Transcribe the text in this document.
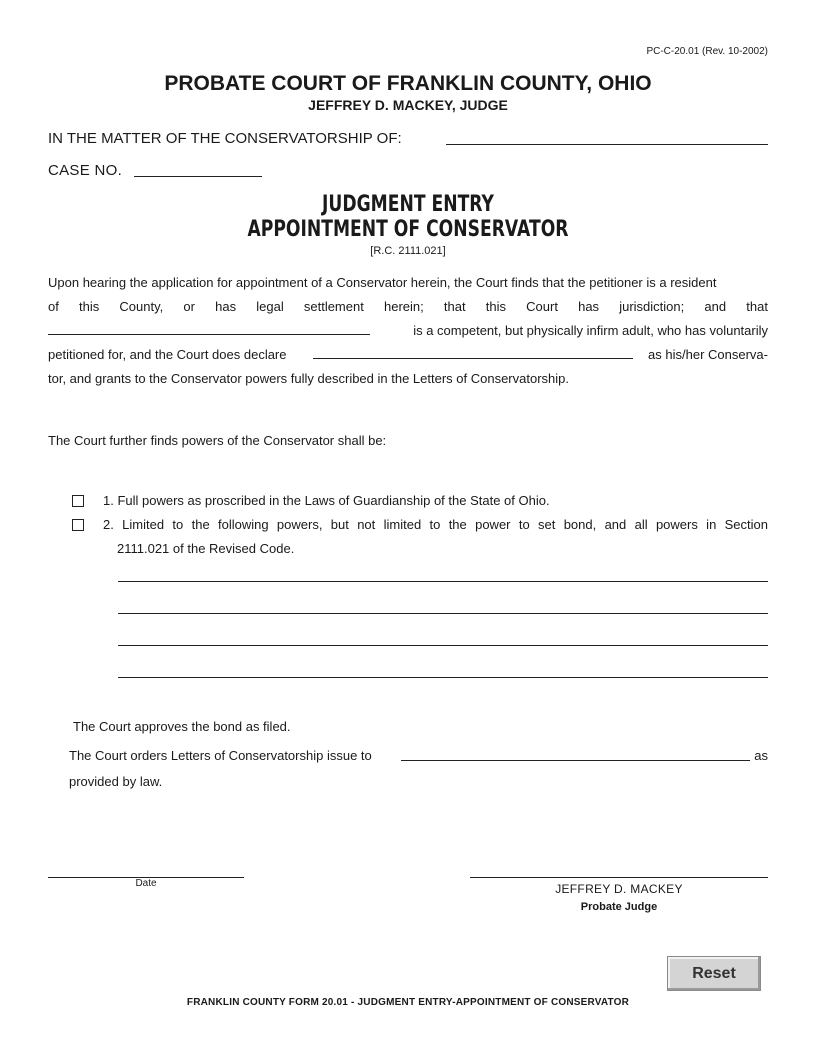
PC-C-20.01 (Rev. 10-2002)
PROBATE COURT OF FRANKLIN COUNTY, OHIO
JEFFREY D. MACKEY, JUDGE
IN THE MATTER OF THE CONSERVATORSHIP OF:
CASE NO.
JUDGMENT ENTRY
APPOINTMENT OF CONSERVATOR
[R.C. 2111.021]
Upon hearing the application for appointment of a Conservator herein, the Court finds that the petitioner is a resident
of this County, or has legal settlement herein; that this Court has jurisdiction; and that
is a competent, but physically infirm adult, who has voluntarily
petitioned for, and the Court does declare	as his/her Conserva-
tor, and grants to the Conservator powers fully described in the Letters of Conservatorship.
The Court further finds powers of the Conservator shall be:
1. Full powers as proscribed in the Laws of Guardianship of the State of Ohio.
2. Limited to the following powers, but not limited to the power to set bond, and all powers in Section
2111.021 of the Revised Code.
The Court approves the bond as filed.
The Court orders Letters of Conservatorship issue to	as
provided by law.
Date	JEFFREY D. MACKEY
Probate Judge
Reset
FRANKLIN COUNTY FORM 20.01 - JUDGMENT ENTRY-APPOINTMENT OF CONSERVATOR
